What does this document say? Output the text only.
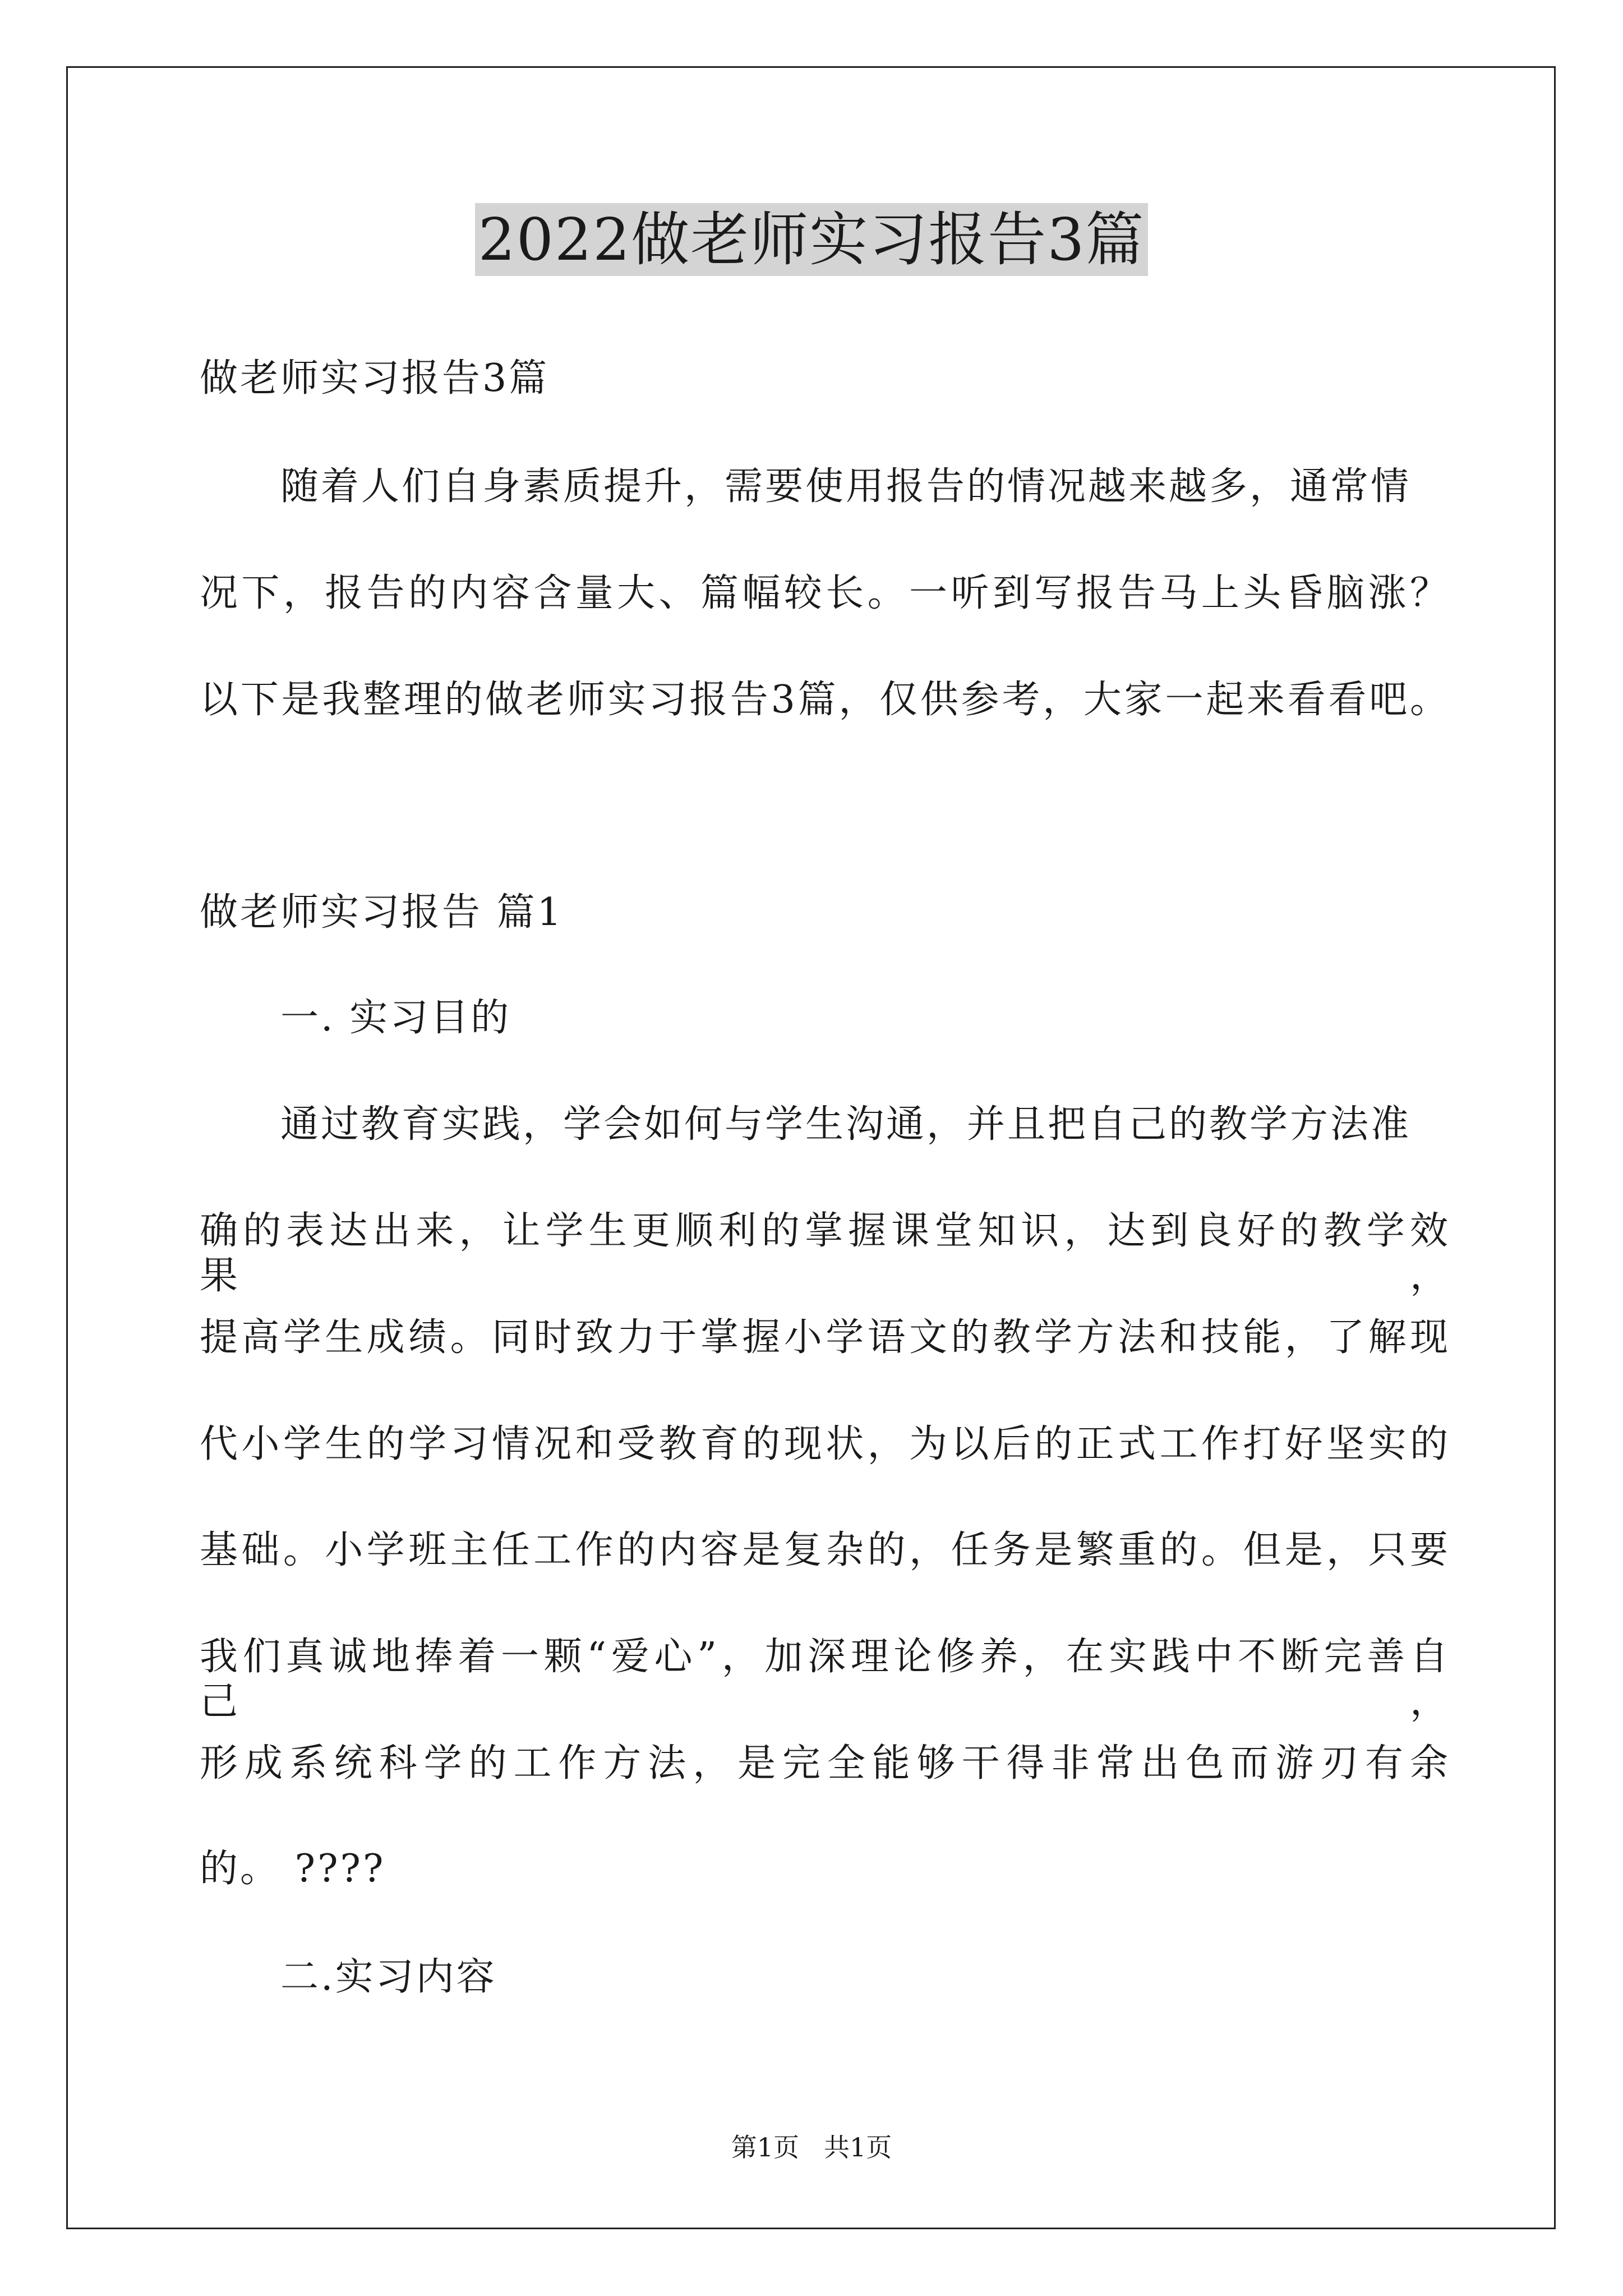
2022做老师实习报告3篇
做老师实习报告3篇
随着人们自身素质提升，需要使用报告的情况越来越多，通常情
况下，报告的内容含量大、篇幅较长。一听到写报告马上头昏脑涨？
以下是我整理的做老师实习报告3篇，仅供参考，大家一起来看看吧。
做老师实习报告 篇1
一. 实习目的
通过教育实践，学会如何与学生沟通，并且把自己的教学方法准
确的表达出来，让学生更顺利的掌握课堂知识，达到良好的教学效果，
提高学生成绩。同时致力于掌握小学语文的教学方法和技能，了解现
代小学生的学习情况和受教育的现状，为以后的正式工作打好坚实的
基础。小学班主任工作的内容是复杂的，任务是繁重的。但是，只要
我们真诚地捧着一颗“爱心”，加深理论修养，在实践中不断完善自己，
形成系统科学的工作方法，是完全能够干得非常出色而游刃有余
的。 ????
二.实习内容
第1页 共1页
